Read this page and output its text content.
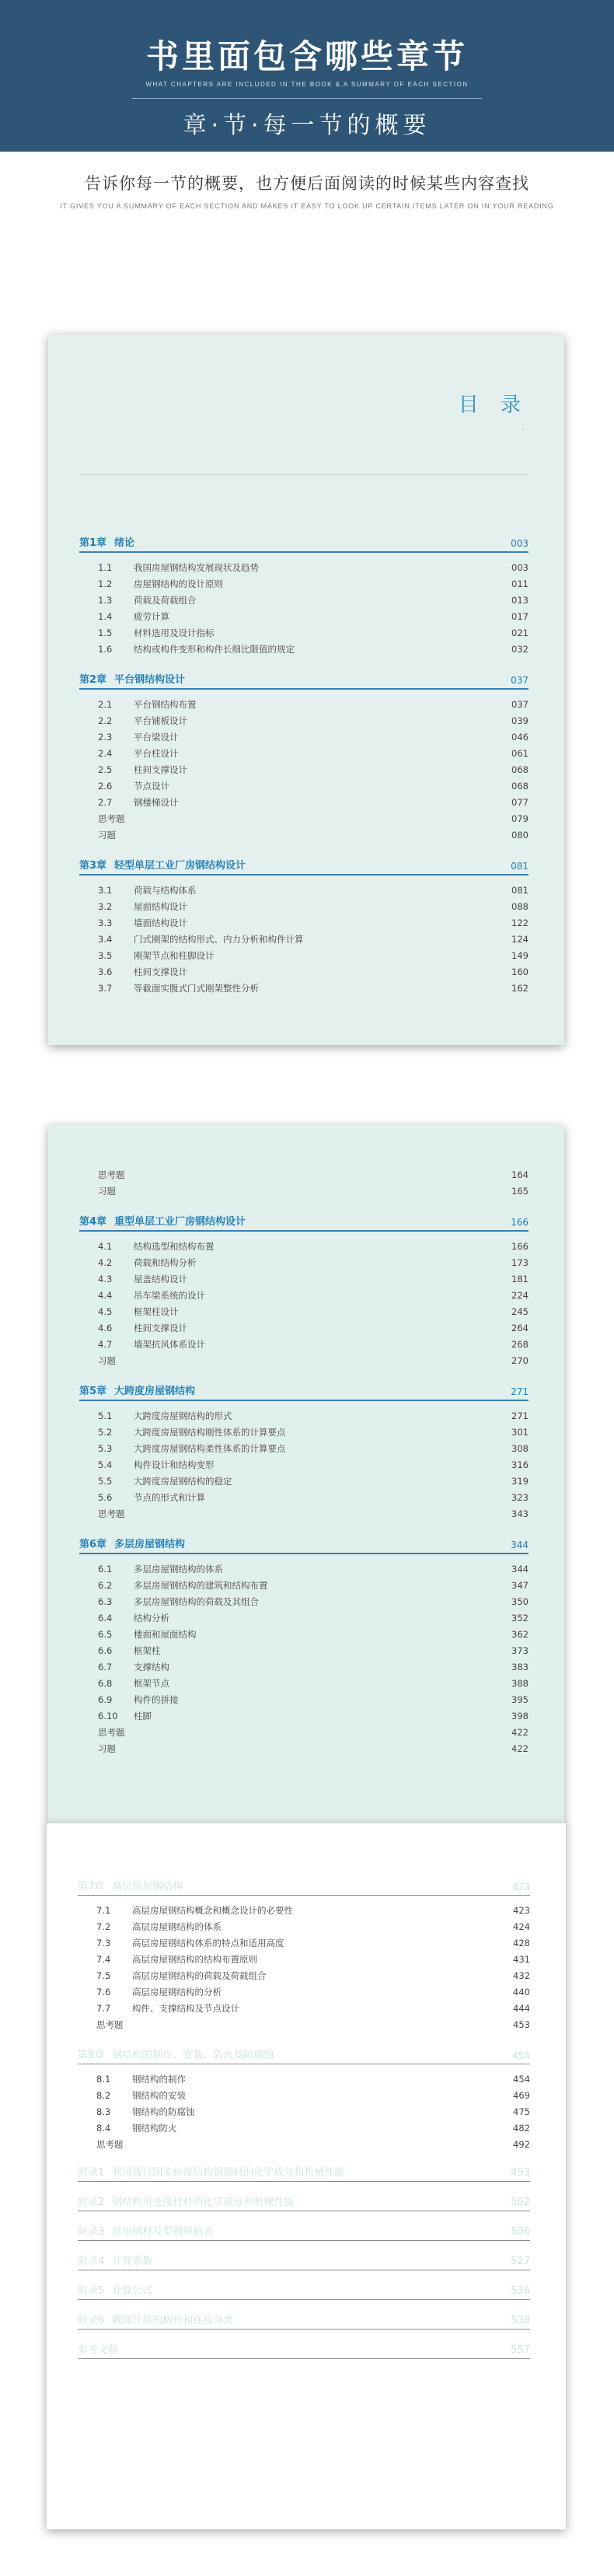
书里面包含哪些章节
WHAT CHAPTERS ARE INCLUDED IN THE BOOK & A SUMMARY OF EACH SECTION
章·节·每一节的概要
告诉你每一节的概要，也方便后面阅读的时候某些内容查找
IT GIVES YOU A SUMMARY OF EACH SECTION AND MAKES IT EASY TO LOOK UP CERTAIN ITEMS LATER ON IN YOUR READING
目 录
·
第1章 绪论	003
1.1	我国房屋钢结构发展现状及趋势	003
1.2	房屋钢结构的设计原则	011
1.3	荷载及荷载组合	013
1.4	疲劳计算	017
1.5	材料选用及设计指标	021
1.6	结构或构件变形和构件长细比限值的规定	032
第2章 平台钢结构设计	037
2.1	平台钢结构布置	037
2.2	平台铺板设计	039
2.3	平台梁设计	046
2.4	平台柱设计	061
2.5	柱间支撑设计	068
2.6	节点设计	068
2.7	钢楼梯设计	077
思考题	079
习题	080
第3章 轻型单层工业厂房钢结构设计	081
3.1	荷载与结构体系	081
3.2	屋面结构设计	088
3.3	墙面结构设计	122
3.4	门式刚架的结构形式、内力分析和构件计算	124
3.5	刚架节点和柱脚设计	149
3.6	柱间支撑设计	160
3.7	等截面实腹式门式刚架整性分析	162
思考题	164
习题	165
第4章 重型单层工业厂房钢结构设计	166
4.1	结构选型和结构布置	166
4.2	荷载和结构分析	173
4.3	屋盖结构设计	181
4.4	吊车梁系统的设计	224
4.5	框架柱设计	245
4.6	柱间支撑设计	264
4.7	墙架抗风体系设计	268
习题	270
第5章 大跨度房屋钢结构	271
5.1	大跨度房屋钢结构的形式	271
5.2	大跨度房屋钢结构刚性体系的计算要点	301
5.3	大跨度房屋钢结构柔性体系的计算要点	308
5.4	构件设计和结构变形	316
5.5	大跨度房屋钢结构的稳定	319
5.6	节点的形式和计算	323
思考题	343
第6章 多层房屋钢结构	344
6.1	多层房屋钢结构的体系	344
6.2	多层房屋钢结构的建筑和结构布置	347
6.3	多层房屋钢结构的荷载及其组合	350
6.4	结构分析	352
6.5	楼面和屋面结构	362
6.6	框架柱	373
6.7	支撑结构	383
6.8	框架节点	388
6.9	构件的拼接	395
6.10	柱脚	398
思考题	422
习题	422
第7章 高层房屋钢结构	423
7.1	高层房屋钢结构概念和概念设计的必要性	423
7.2	高层房屋钢结构的体系	424
7.3	高层房屋钢结构体系的特点和适用高度	428
7.4	高层房屋钢结构的结构布置原则	431
7.5	高层房屋钢结构的荷载及荷载组合	432
7.6	高层房屋钢结构的分析	440
7.7	构件、支撑结构及节点设计	444
思考题	453
第8章 钢结构的制作、安装、防火及防腐蚀	454
8.1	钢结构的制作	454
8.2	钢结构的安装	469
8.3	钢结构的防腐蚀	475
8.4	钢结构防火	482
思考题	492
附录1 我国现行国家标准结构钢钢材的化学成分和机械性能	493
附录2 钢结构用连接材料的化学成分和机械性能	502
附录3 常用钢材及型钢规格表	506
附录4 计算系数	527
附录5 计算公式	536
附录6 截面计算的构件和连接分类	538
参考文献	557
